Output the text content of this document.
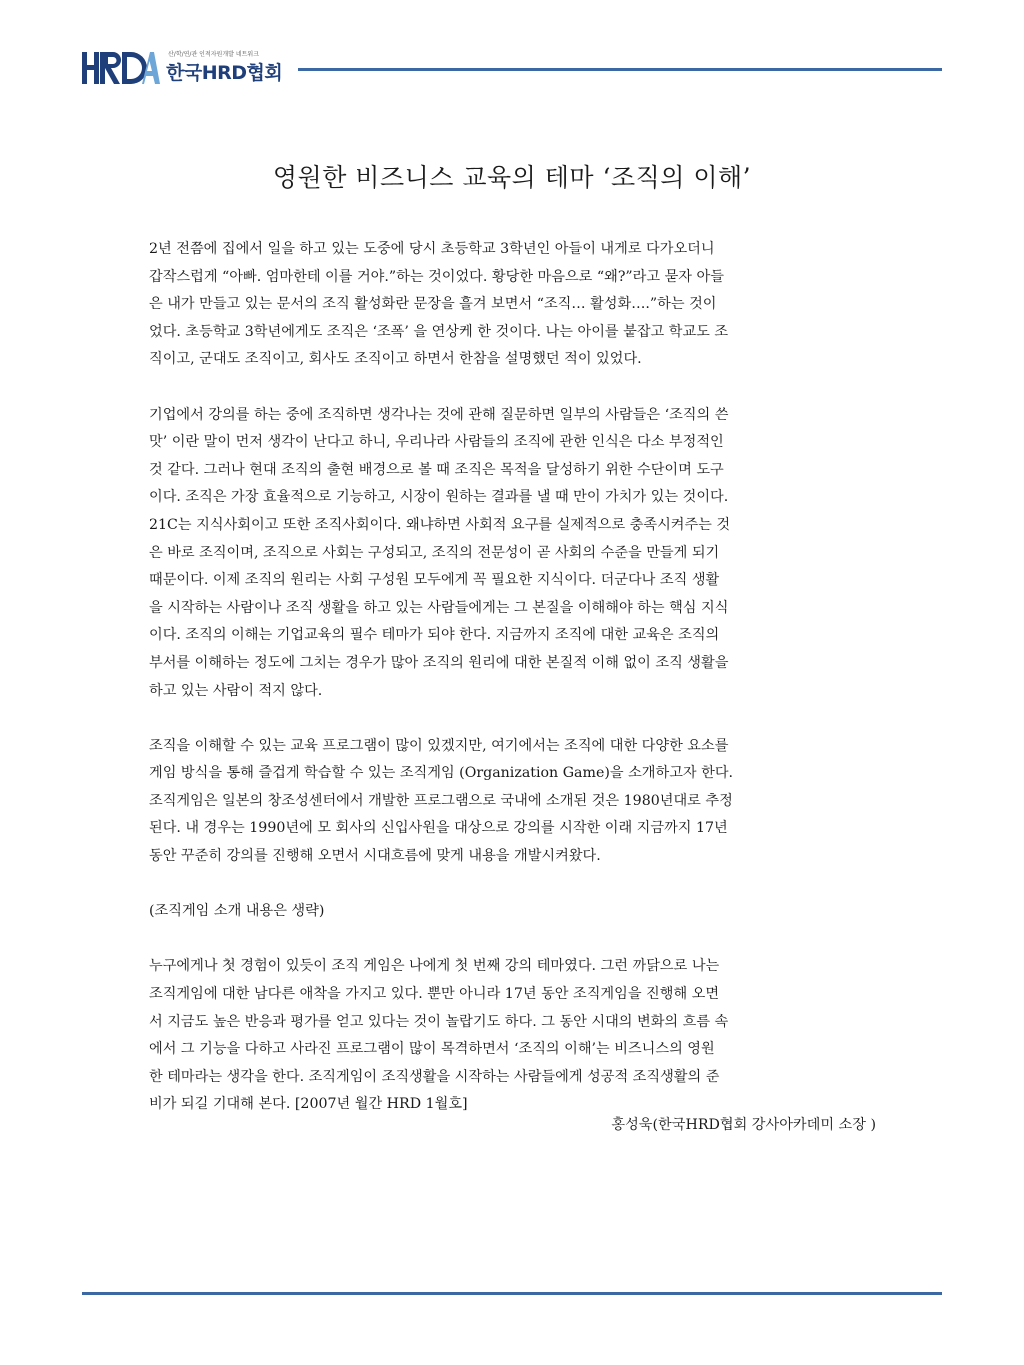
산/학/연/관 인적자원개발 네트워크
한국HRD협회
영원한 비즈니스 교육의 테마 ‘조직의 이해’

2년 전쯤에 집에서 일을 하고 있는 도중에 당시 초등학교 3학년인 아들이 내게로 다가오더니
갑작스럽게 “아빠. 엄마한테 이를 거야.”하는 것이었다. 황당한 마음으로 “왜?”라고 묻자 아들
은 내가 만들고 있는 문서의 조직 활성화란 문장을 흘겨 보면서 “조직… 활성화….”하는 것이
었다. 초등학교 3학년에게도 조직은 ‘조폭’ 을 연상케 한 것이다. 나는 아이를 붙잡고 학교도 조
직이고, 군대도 조직이고, 회사도 조직이고 하면서 한참을 설명했던 적이 있었다.

기업에서 강의를 하는 중에 조직하면 생각나는 것에 관해 질문하면 일부의 사람들은 ‘조직의 쓴
맛’ 이란 말이 먼저 생각이 난다고 하니, 우리나라 사람들의 조직에 관한 인식은 다소 부정적인
것 같다. 그러나 현대 조직의 출현 배경으로 볼 때 조직은 목적을 달성하기 위한 수단이며 도구
이다. 조직은 가장 효율적으로 기능하고, 시장이 원하는 결과를 낼 때 만이 가치가 있는 것이다.
21C는 지식사회이고 또한 조직사회이다. 왜냐하면 사회적 요구를 실제적으로 충족시켜주는 것
은 바로 조직이며, 조직으로 사회는 구성되고, 조직의 전문성이 곧 사회의 수준을 만들게 되기
때문이다. 이제 조직의 원리는 사회 구성원 모두에게 꼭 필요한 지식이다. 더군다나 조직 생활
을 시작하는 사람이나 조직 생활을 하고 있는 사람들에게는 그 본질을 이해해야 하는 핵심 지식
이다. 조직의 이해는 기업교육의 필수 테마가 되야 한다. 지금까지 조직에 대한 교육은 조직의
부서를 이해하는 정도에 그치는 경우가 많아 조직의 원리에 대한 본질적 이해 없이 조직 생활을
하고 있는 사람이 적지 않다.

조직을 이해할 수 있는 교육 프로그램이 많이 있겠지만, 여기에서는 조직에 대한 다양한 요소를
게임 방식을 통해 즐겁게 학습할 수 있는 조직게임 (Organization Game)을 소개하고자 한다.
조직게임은 일본의 창조성센터에서 개발한 프로그램으로 국내에 소개된 것은 1980년대로 추정
된다. 내 경우는 1990년에 모 회사의 신입사원을 대상으로 강의를 시작한 이래 지금까지 17년
동안 꾸준히 강의를 진행해 오면서 시대흐름에 맞게 내용을 개발시켜왔다.

(조직게임 소개 내용은 생략)

누구에게나 첫 경험이 있듯이 조직 게임은 나에게 첫 번째 강의 테마였다. 그런 까닭으로 나는
조직게임에 대한 남다른 애착을 가지고 있다. 뿐만 아니라 17년 동안 조직게임을 진행해 오면
서 지금도 높은 반응과 평가를 얻고 있다는 것이 놀랍기도 하다. 그 동안 시대의 변화의 흐름 속
에서 그 기능을 다하고 사라진 프로그램이 많이 목격하면서 ‘조직의 이해’는 비즈니스의 영원
한 테마라는 생각을 한다. 조직게임이 조직생활을 시작하는 사람들에게 성공적 조직생활의 준
비가 되길 기대해 본다. [2007년 월간 HRD 1월호]

홍성욱(한국HRD협회 강사아카데미 소장 )
